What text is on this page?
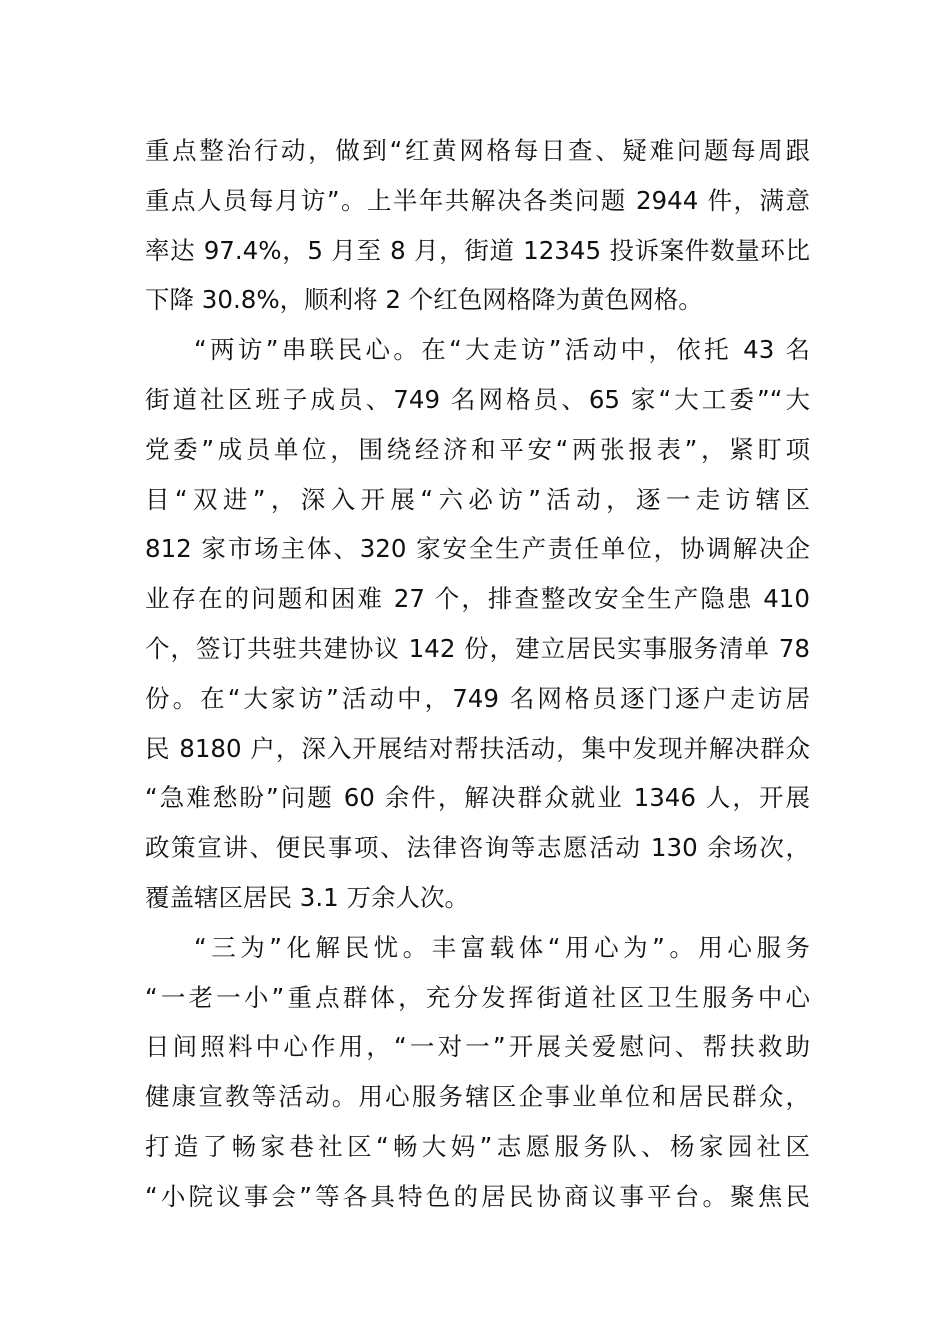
重点整治行动，做到“红黄网格每日查、疑难问题每周跟
重点人员每月访”。上半年共解决各类问题 2944 件，满意
率达 97.4%，5 月至 8 月，街道 12345 投诉案件数量环比
下降 30.8%，顺利将 2 个红色网格降为黄色网格。
“两访”串联民心。在“大走访”活动中，依托 43 名
街道社区班子成员、749 名网格员、65 家“大工委”“大
党委”成员单位，围绕经济和平安“两张报表”，紧盯项
目“双进”，深入开展“六必访”活动，逐一走访辖区
812 家市场主体、320 家安全生产责任单位，协调解决企
业存在的问题和困难 27 个，排查整改安全生产隐患 410
个，签订共驻共建协议 142 份，建立居民实事服务清单 78
份。在“大家访”活动中，749 名网格员逐门逐户走访居
民 8180 户，深入开展结对帮扶活动，集中发现并解决群众
“急难愁盼”问题 60 余件，解决群众就业 1346 人，开展
政策宣讲、便民事项、法律咨询等志愿活动 130 余场次，
覆盖辖区居民 3.1 万余人次。
“三为”化解民忧。丰富载体“用心为”。用心服务
“一老一小”重点群体，充分发挥街道社区卫生服务中心
日间照料中心作用，“一对一”开展关爱慰问、帮扶救助
健康宣教等活动。用心服务辖区企事业单位和居民群众，
打造了畅家巷社区“畅大妈”志愿服务队、杨家园社区
“小院议事会”等各具特色的居民协商议事平台。聚焦民
